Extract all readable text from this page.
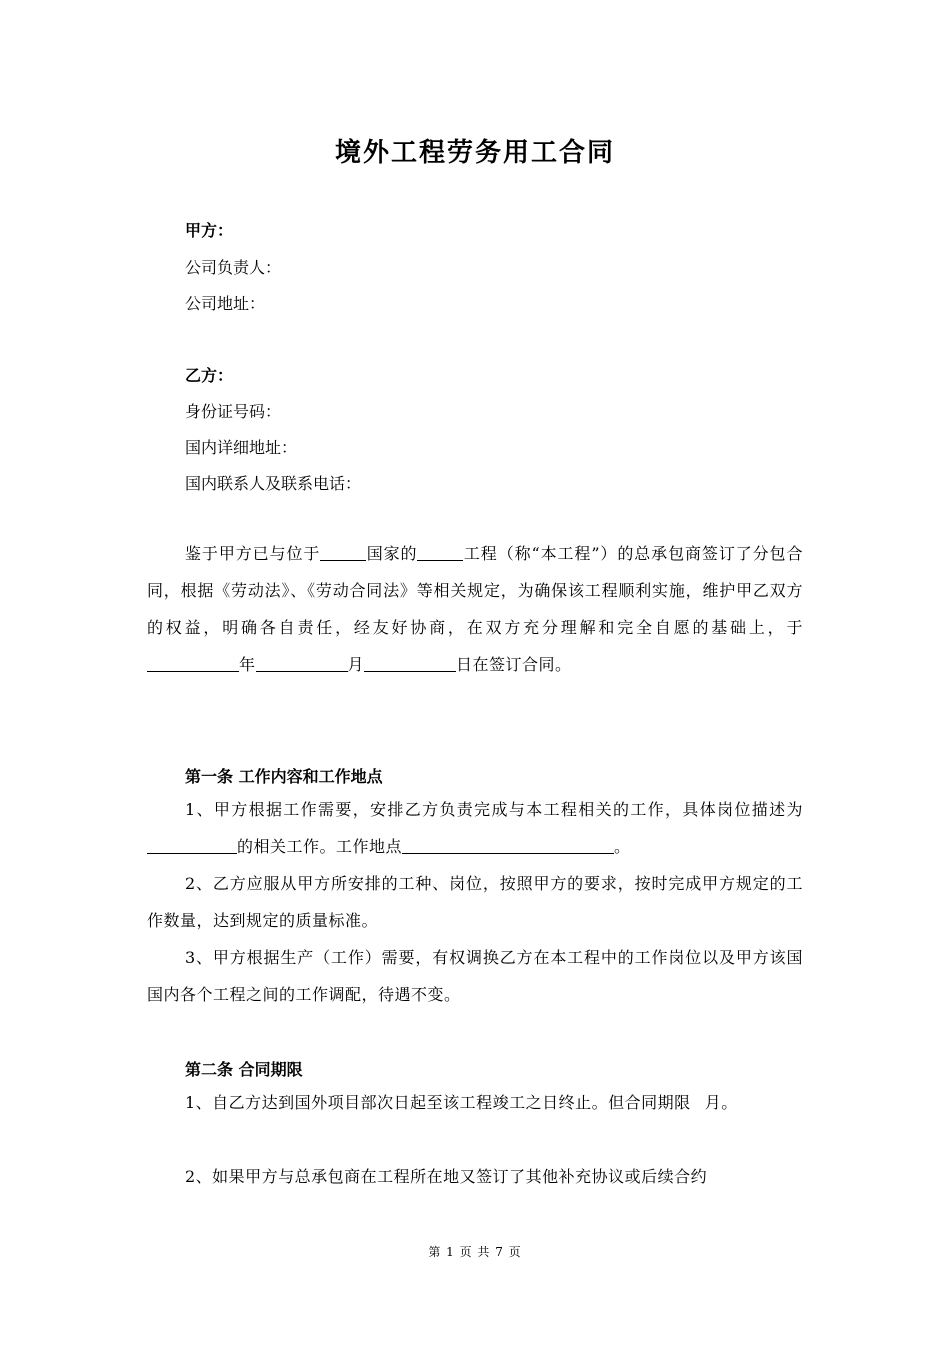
境外工程劳务用工合同
甲方：
公司负责人：
公司地址：
乙方：
身份证号码：
国内详细地址：
国内联系人及联系电话：
鉴于甲方已与位于	国家的	工程（称“本工程”）的总承包商签订了分包合同，根据《劳动法》、《劳动合同法》等相关规定，为确保该工程顺利实施，维护甲乙双方的权益，明确各自责任，经友好协商，在双方充分理解和完全自愿的基础上，于年	月	日在签订合同。
第一条 工作内容和工作地点
1、甲方根据工作需要，安排乙方负责完成与本工程相关的工作，具体岗位描述为的相关工作。工作地点	。
2、乙方应服从甲方所安排的工种、岗位，按照甲方的要求，按时完成甲方规定的工作数量，达到规定的质量标准。
3、甲方根据生产（工作）需要，有权调换乙方在本工程中的工作岗位以及甲方该国国内各个工程之间的工作调配，待遇不变。
第二条 合同期限
1、自乙方达到国外项目部次日起至该工程竣工之日终止。但合同期限 月。
2、如果甲方与总承包商在工程所在地又签订了其他补充协议或后续合约
第 1 页 共 7 页
